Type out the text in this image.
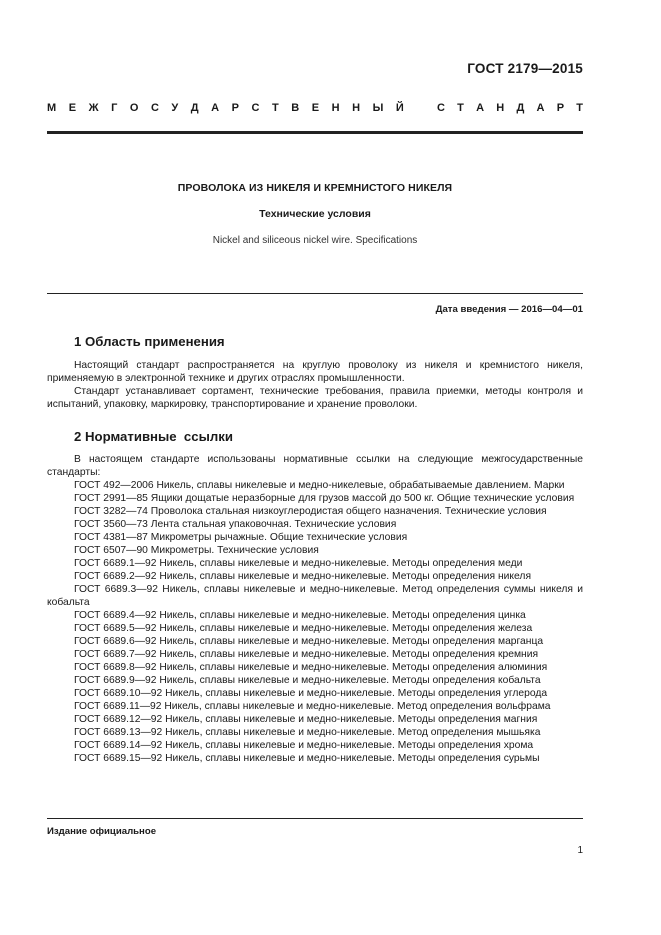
ГОСТ 2179—2015
М Е Ж Г О С У Д А Р С Т В Е Н Н Ы Й	С Т А Н Д А Р Т
ПРОВОЛОКА ИЗ НИКЕЛЯ И КРЕМНИСТОГО НИКЕЛЯ
Технические условия
Nickel and siliceous nickel wire. Specifications
Дата введения — 2016—04—01
1 Область применения

Настоящий стандарт распространяется на круглую проволоку из никеля и кремнистого никеля, применяемую в электронной технике и других отраслях промышленности.

Стандарт устанавливает сортамент, технические требования, правила приемки, методы контроля и испытаний, упаковку, маркировку, транспортирование и хранение проволоки.

2 Нормативные  ссылки

В настоящем стандарте использованы нормативные ссылки на следующие межгосударственные стандарты:

ГОСТ 492—2006 Никель, сплавы никелевые и медно-никелевые, обрабатываемые давлением. Марки

ГОСТ 2991—85 Ящики дощатые неразборные для грузов массой до 500 кг. Общие технические условия

ГОСТ 3282—74 Проволока стальная низкоуглеродистая общего назначения. Технические условия

ГОСТ 3560—73 Лента стальная упаковочная. Технические условия

ГОСТ 4381—87 Микрометры рычажные. Общие технические условия

ГОСТ 6507—90 Микрометры. Технические условия

ГОСТ 6689.1—92 Никель, сплавы никелевые и медно-никелевые. Методы определения меди

ГОСТ 6689.2—92 Никель, сплавы никелевые и медно-никелевые. Методы определения никеля

ГОСТ 6689.3—92 Никель, сплавы никелевые и медно-никелевые. Метод определения суммы никеля и кобальта

ГОСТ 6689.4—92 Никель, сплавы никелевые и медно-никелевые. Методы определения цинка

ГОСТ 6689.5—92 Никель, сплавы никелевые и медно-никелевые. Методы определения железа

ГОСТ 6689.6—92 Никель, сплавы никелевые и медно-никелевые. Методы определения марганца

ГОСТ 6689.7—92 Никель, сплавы никелевые и медно-никелевые. Методы определения кремния

ГОСТ 6689.8—92 Никель, сплавы никелевые и медно-никелевые. Методы определения алюминия

ГОСТ 6689.9—92 Никель, сплавы никелевые и медно-никелевые. Методы определения кобальта

ГОСТ 6689.10—92 Никель, сплавы никелевые и медно-никелевые. Методы определения углерода

ГОСТ 6689.11—92 Никель, сплавы никелевые и медно-никелевые. Метод определения вольфрама

ГОСТ 6689.12—92 Никель, сплавы никелевые и медно-никелевые. Методы определения магния

ГОСТ 6689.13—92 Никель, сплавы никелевые и медно-никелевые. Метод определения мышьяка

ГОСТ 6689.14—92 Никель, сплавы никелевые и медно-никелевые. Методы определения хрома

ГОСТ 6689.15—92 Никель, сплавы никелевые и медно-никелевые. Методы определения сурьмы

Издание официальное
1
